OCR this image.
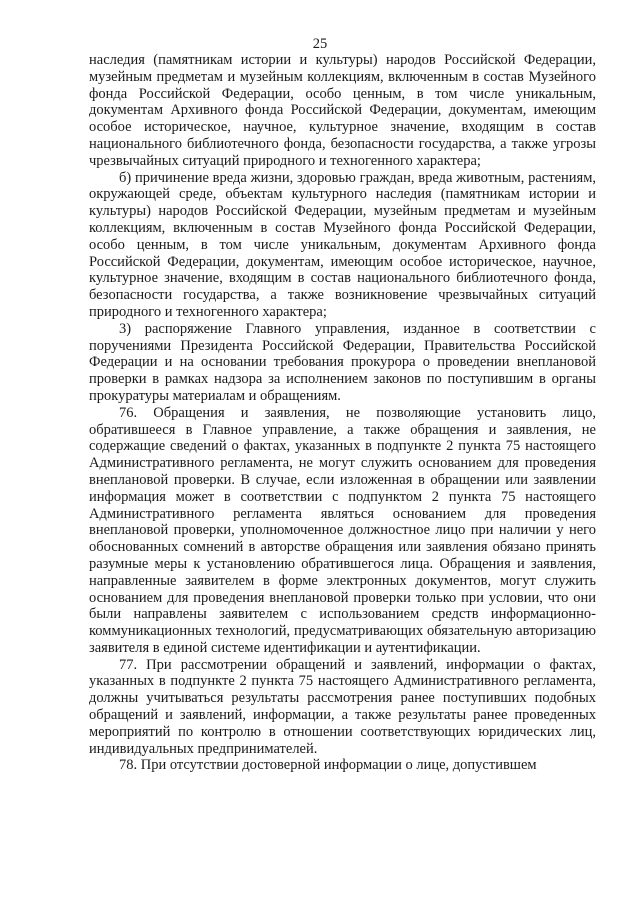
25

наследия (памятникам истории и культуры) народов Российской Федерации, музейным предметам и музейным коллекциям, включенным в состав Музейного фонда Российской Федерации, особо ценным, в том числе уникальным, документам Архивного фонда Российской Федерации, документам, имеющим особое историческое, научное, культурное значение, входящим в состав национального библиотечного фонда, безопасности государства, а также угрозы чрезвычайных ситуаций природного и техногенного характера;

б) причинение вреда жизни, здоровью граждан, вреда животным, растениям, окружающей среде, объектам культурного наследия (памятникам истории и культуры) народов Российской Федерации, музейным предметам и музейным коллекциям, включенным в состав Музейного фонда Российской Федерации, особо ценным, в том числе уникальным, документам Архивного фонда Российской Федерации, документам, имеющим особое историческое, научное, культурное значение, входящим в состав национального библиотечного фонда, безопасности государства, а также возникновение чрезвычайных ситуаций природного и техногенного характера;

3) распоряжение Главного управления, изданное в соответствии с поручениями Президента Российской Федерации, Правительства Российской Федерации и на основании требования прокурора о проведении внеплановой проверки в рамках надзора за исполнением законов по поступившим в органы прокуратуры материалам и обращениям.

76. Обращения и заявления, не позволяющие установить лицо, обратившееся в Главное управление, а также обращения и заявления, не содержащие сведений о фактах, указанных в подпункте 2 пункта 75 настоящего Административного регламента, не могут служить основанием для проведения внеплановой проверки. В случае, если изложенная в обращении или заявлении информация может в соответствии с подпунктом 2 пункта 75 настоящего Административного регламента являться основанием для проведения внеплановой проверки, уполномоченное должностное лицо при наличии у него обоснованных сомнений в авторстве обращения или заявления обязано принять разумные меры к установлению обратившегося лица. Обращения и заявления, направленные заявителем в форме электронных документов, могут служить основанием для проведения внеплановой проверки только при условии, что они были направлены заявителем с использованием средств информационно-коммуникационных технологий, предусматривающих обязательную авторизацию заявителя в единой системе идентификации и аутентификации.

77. При рассмотрении обращений и заявлений, информации о фактах, указанных в подпункте 2 пункта 75 настоящего Административного регламента, должны учитываться результаты рассмотрения ранее поступивших подобных обращений и заявлений, информации, а также результаты ранее проведенных мероприятий по контролю в отношении соответствующих юридических лиц, индивидуальных предпринимателей.

78. При отсутствии достоверной информации о лице, допустившем
